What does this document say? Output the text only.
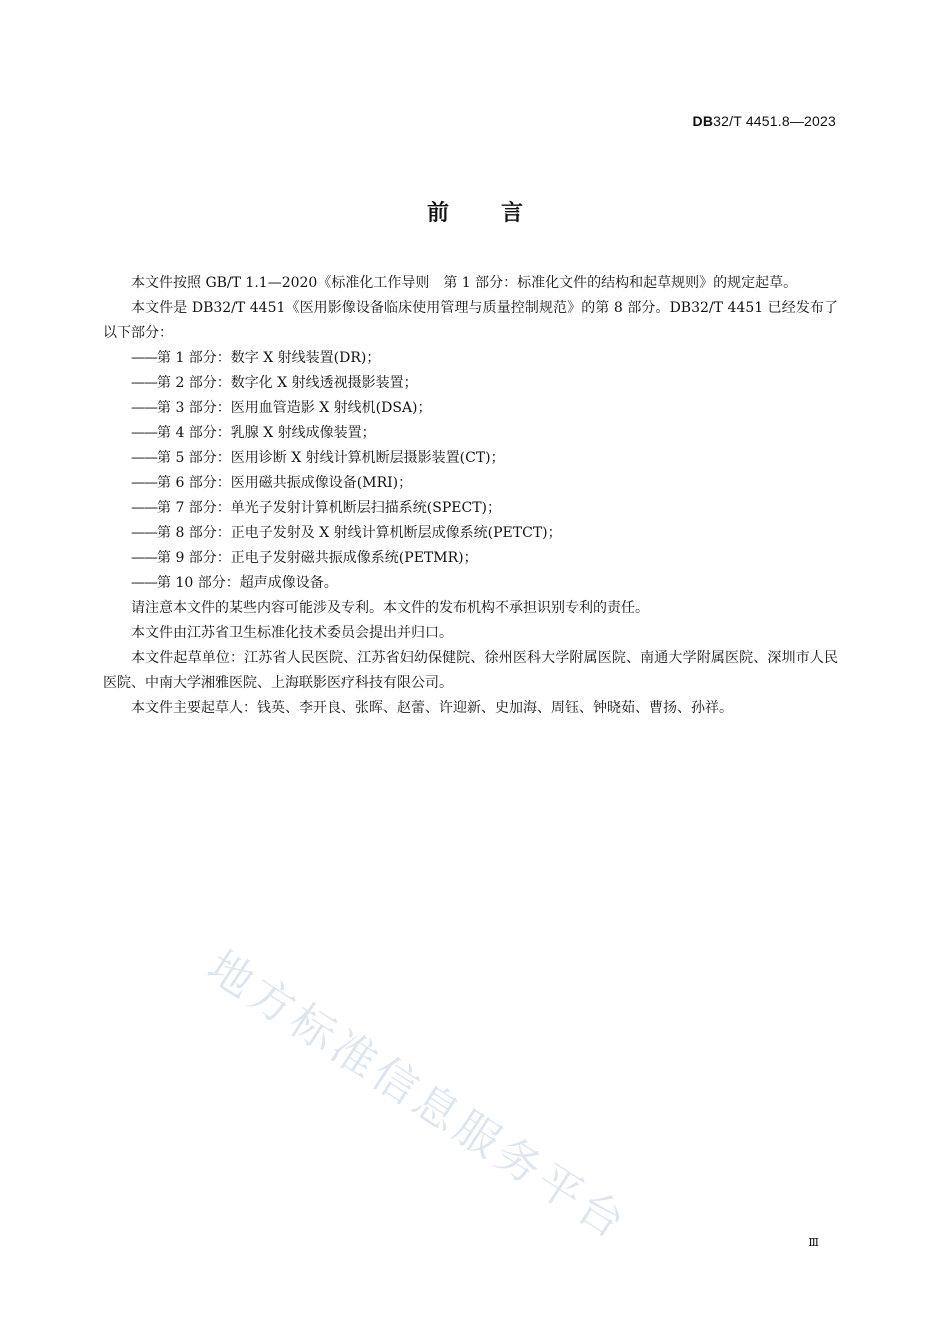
DB32/T 4451.8—2023
前言

本文件按照 GB/T 1.1—2020《标准化工作导则　第 1 部分：标准化文件的结构和起草规则》的规定起草。

本文件是 DB32/T 4451《医用影像设备临床使用管理与质量控制规范》的第 8 部分。DB32/T 4451 已经发布了以下部分：

——第 1 部分：数字 X 射线装置(DR)；
——第 2 部分：数字化 X 射线透视摄影装置；
——第 3 部分：医用血管造影 X 射线机(DSA)；
——第 4 部分：乳腺 X 射线成像装置；
——第 5 部分：医用诊断 X 射线计算机断层摄影装置(CT)；
——第 6 部分：医用磁共振成像设备(MRI)；
——第 7 部分：单光子发射计算机断层扫描系统(SPECT)；
——第 8 部分：正电子发射及 X 射线计算机断层成像系统(PETCT)；
——第 9 部分：正电子发射磁共振成像系统(PETMR)；
——第 10 部分：超声成像设备。

请注意本文件的某些内容可能涉及专利。本文件的发布机构不承担识别专利的责任。

本文件由江苏省卫生标准化技术委员会提出并归口。

本文件起草单位：江苏省人民医院、江苏省妇幼保健院、徐州医科大学附属医院、南通大学附属医院、深圳市人民医院、中南大学湘雅医院、上海联影医疗科技有限公司。

本文件主要起草人：钱英、李开良、张晖、赵蕾、许迎新、史加海、周钰、钟晓茹、曹扬、孙祥。

地方标准信息服务平台	Ⅲ
